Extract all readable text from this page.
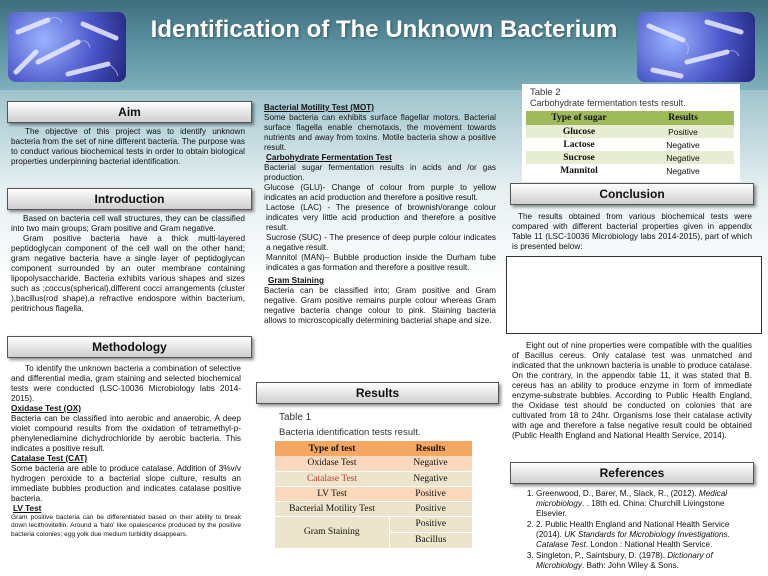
Identification of The Unknown Bacterium
Aim
The objective of this project was to identify unknown bacteria from the set of nine different bacteria. The purpose was to conduct various biochemical tests in order to obtain biological properties underpinning bacterial identification.
Introduction

Based on bacteria cell wall structures, they can be classified into two main groups; Gram positive and Gram negative.

Gram positive bacteria have a thick multi-layered peptidoglycan component of the cell wall on the other hand; gram negative bacteria have a single layer of peptidoglycan component surrounded by an outer membrane containing lipopolysaccharide. Bacteria exhibits various shapes and sizes such as ;coccus(spherical),different cocci arrangements (cluster ),bacillus(rod shape),a refractive endospore within bacterium, peritrichous flagella.

Methodology

To identify the unknown bacteria a combination of selective and differential media, gram staining and selected biochemical tests were conducted (LSC-10036 Microbiology labs 2014-2015).

Oxidase Test (OX)

Bacteria can be classified into aerobic and anaerobic. A deep violet compound results from the oxidation of tetramethyl-p-phenylenediamine dichydrochloride by aerobic bacteria. This indicates a positive result.

Catalase Test (CAT)

Some bacteria are able to produce catalase. Addition of 3%v/v hydrogen peroxide to a bacterial slope culture, results an immediate bubbles production and indicates catalase positive bacteria.

LV Test

Gram positive bacteria can be differentiated based on their ability to break down lecithovitellin. Around a 'halo' like opalescence produced by the positive bacteria colonies; egg yolk due medium turbidity disappears.

Bacterial Motility Test (MOT)

Some bacteria can exhibits surface flagellar motors. Bacterial surface flagella enable chemotaxis, the movement towards nutrients and away from toxins. Motile bacteria show a positive result.

Carbohydrate Fermentation Test

Bacterial sugar fermentation results in acids and /or gas production.

Glucose (GLU)- Change of colour from purple to yellow indicates an acid production and therefore a positive result.

Lactose (LAC) - The presence of brownish/orange colour indicates very little acid production and therefore a positive result.

Sucrose (SUC) - The presence of deep purple colour indicates a negative result.

Mannitol (MAN)– Bubble production inside the Durham tube indicates a gas formation and therefore a positive result.

Gram Staining

Bacteria can be classified into; Gram positive and Gram negative. Gram positive remains purple colour whereas Gram negative bacteria change colour to pink. Staining bacteria allows to microscopically determining bacterial shape and size.

Results
Table 1
Bacteria identification tests result.
Type of test	Results
Oxidase Test	Negative
Catalase Test	Negative
LV Test	Positive
Bacterial Motility Test	Positive
Gram Staining	Positive
	Bacillus
Table 2
Carbohydrate fermentation tests result.
Type of sugar	Results
Glucose	Positive
Lactose	Negative
Sucrose	Negative
Mannitol	Negative
Conclusion
The results obtained from various biochemical tests were compared with different bacterial properties given in appendix Table 11 (LSC-10036 Microbiology labs 2014-2015), part of which is presented below:
Eight out of nine properties were compatible with the qualities of Bacillus cereus. Only catalase test was unmatched and indicated that the unknown bacteria is unable to produce catalase. On the contrary, in the appendix table 11, it was stated that B. cereus has an ability to produce enzyme in form of immediate enzyme-substrate bubbles. According to Public Health England, the Oxidase test should be conducted on colonies that are cultivated from 18 to 24hr. Organisms lose their catalase activity with age and therefore a false negative result could be obtained (Public Health England and National Health Service, 2014).
References
1. Greenwood, D., Barer, M., Slack, R., (2012). Medical microbiology. . 18th ed. China: Churchill Livingstone Elsevier.
2. 2. Public Health England and National Health Service (2014). UK Standards for Microbiology Investigations. Catalase Test. London : National Health Service.
3. Singleton, P., Saintsbury, D. (1978). Dictionary of Microbiology. Bath: John Wiley & Sons.
